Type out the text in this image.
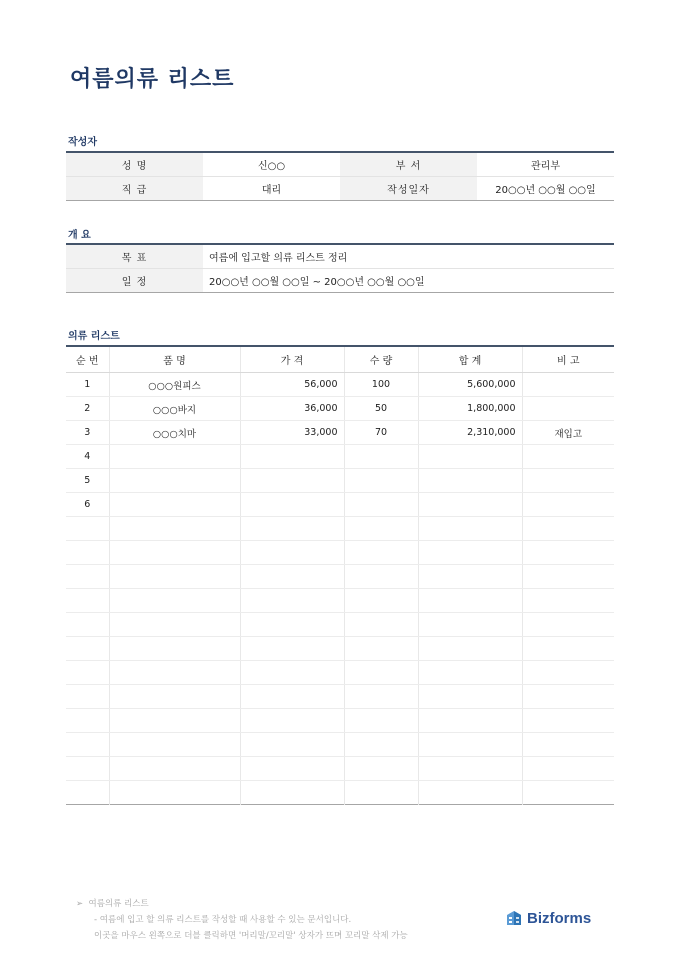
여름의류 리스트
작성자
성 명	신○○	부 서	관리부
직 급	대리	작성일자	20○○년 ○○월 ○○일
개 요
목 표	여름에 입고할 의류 리스트 정리
일 정	20○○년 ○○월 ○○일 ~ 20○○년 ○○월 ○○일
의류 리스트
순 번	품 명	가 격	수 량	합 계	비 고
1	○○○원피스	56,000	100	5,600,000	
2	○○○바지	36,000	50	1,800,000	
3	○○○치마	33,000	70	2,310,000	재입고
4					
5					
6					

➢ 여름의류 리스트
- 여름에 입고 할 의류 리스트를 작성할 때 사용할 수 있는 문서입니다.
이곳을 마우스 왼쪽으로 더블 클릭하면 '머리말/꼬리말' 상자가 뜨며 꼬리말 삭제 가능
Bizforms
